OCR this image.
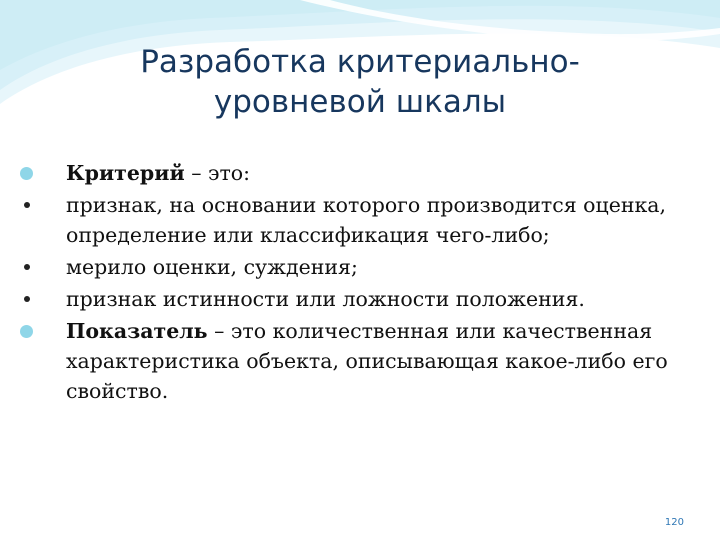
Разработка критериально-уровневой шкалы
Критерий – это:
признак, на основании которого производится оценка, определение или классификация чего-либо;
мерило оценки, суждения;
признак истинности или ложности положения.
Показатель – это количественная или качественная характеристика объекта, описывающая какое-либо его свойство.
120
